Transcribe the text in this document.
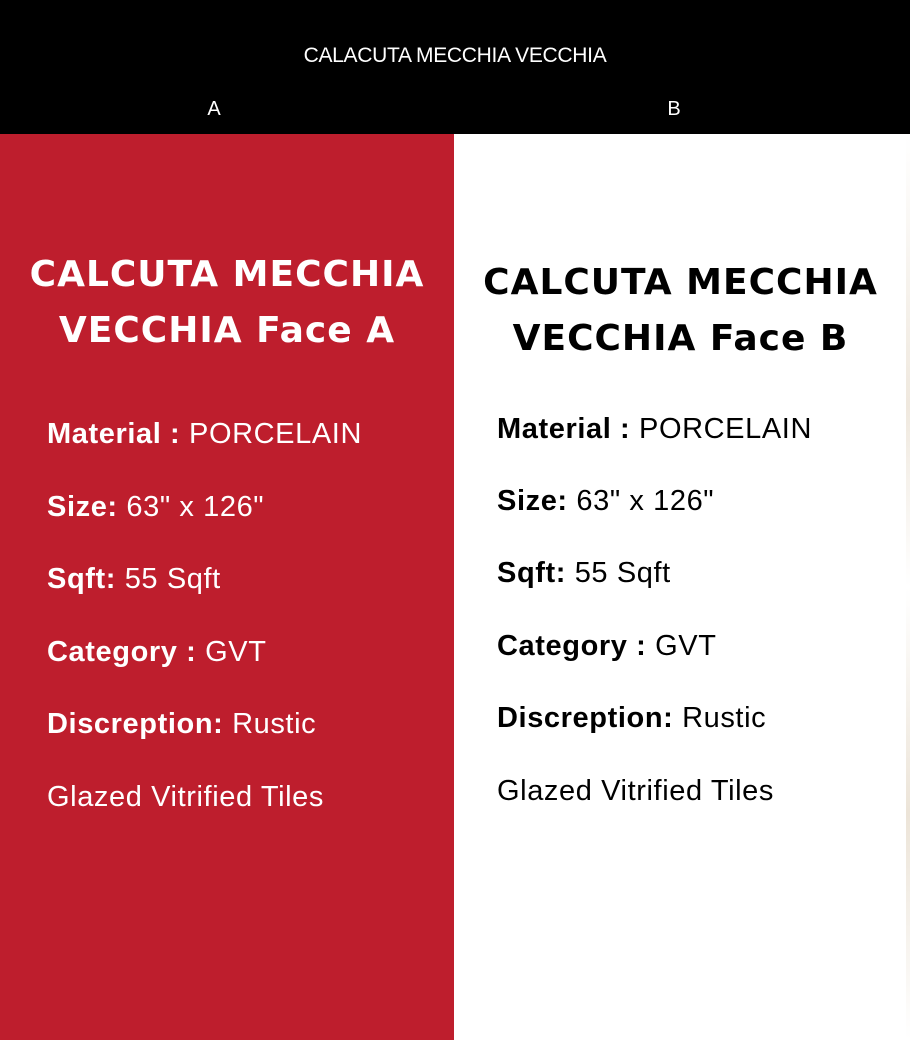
CALACUTA MECCHIA VECCHIA
A	B
CALCUTA MECCHIA
VECCHIA Face A
Material : PORCELAIN
Size: 63" x 126"
Sqft: 55 Sqft
Category : GVT
Discreption: Rustic
Glazed Vitrified Tiles
CALCUTA MECCHIA
VECCHIA Face B
Material : PORCELAIN
Size: 63" x 126"
Sqft: 55 Sqft
Category : GVT
Discreption: Rustic
Glazed Vitrified Tiles
